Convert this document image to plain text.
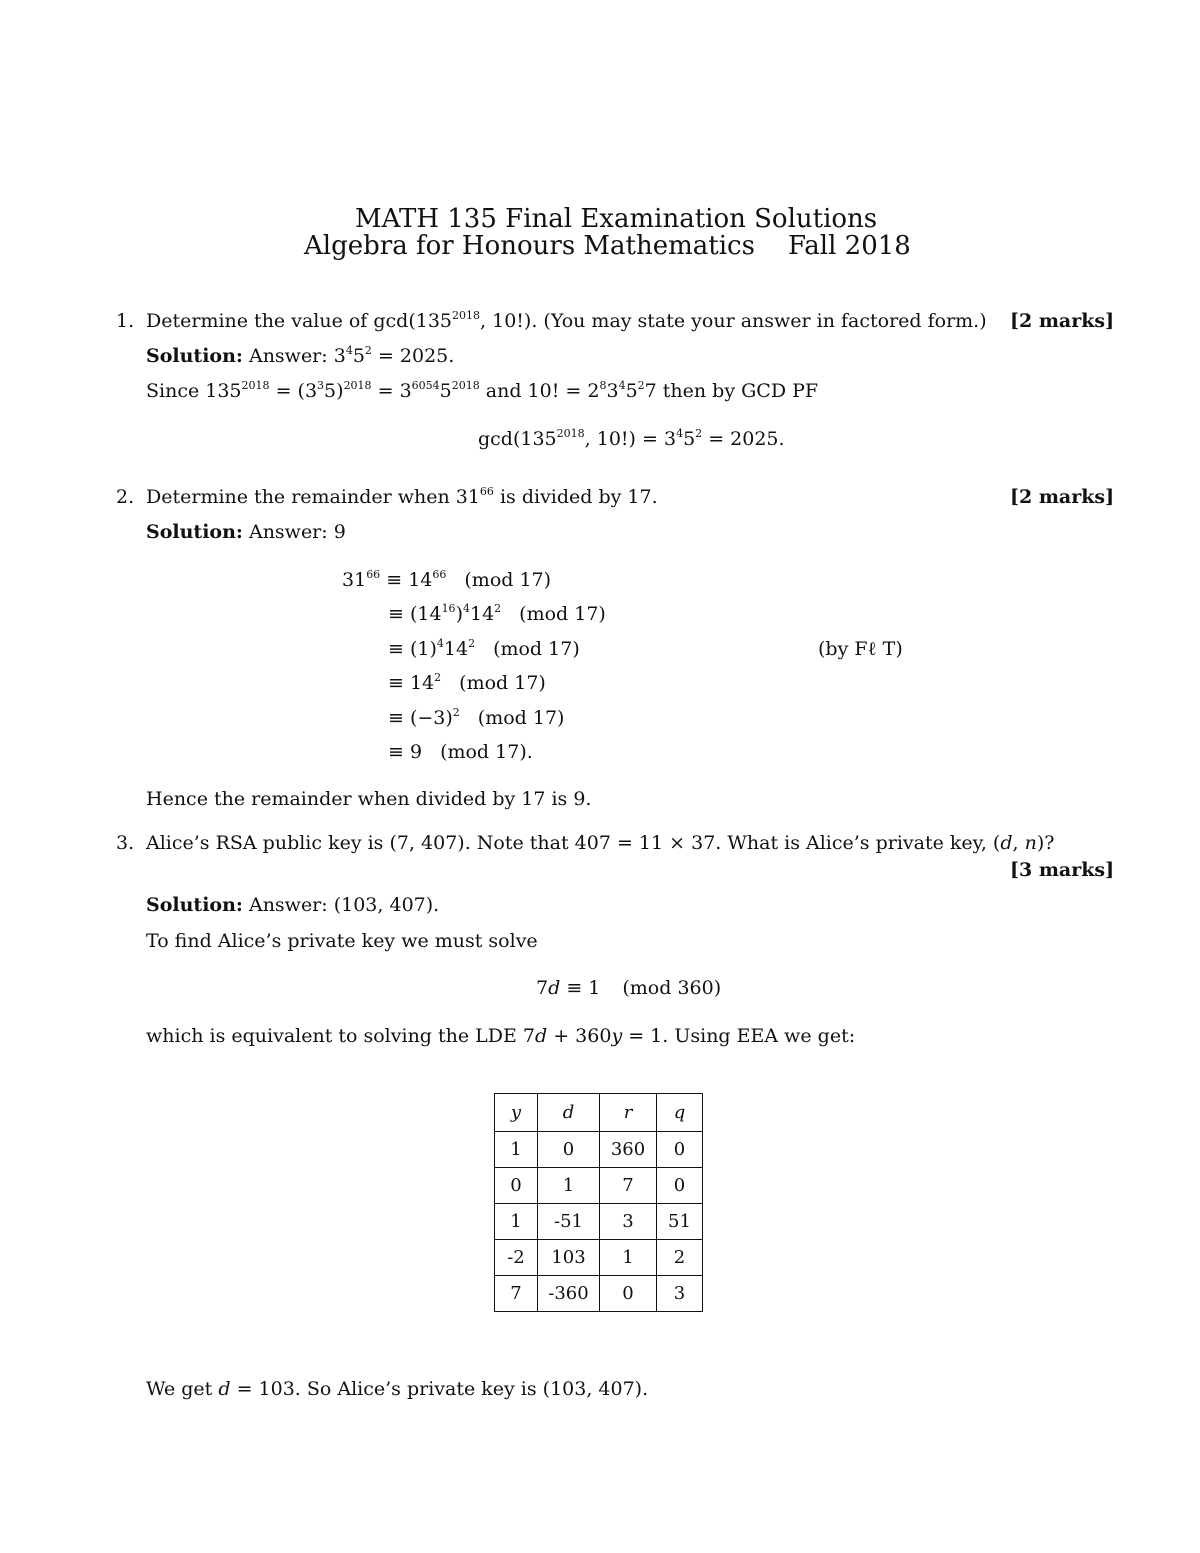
MATH 135 Final Examination Solutions
Algebra for Honours Mathematics Fall 2018
1. Determine the value of $\gcd(135^{2018}$, 10!). (You may state your answer in factored form.) [2 marks]
Solution: Answer: $3^45^2 = 2025$.
Since $135^{2018} = (3^35)^{2018} = 3^{6054}5^{2018}$ and 10! = $2^83^45^27$ then by GCD PF
$\gcd(135^{2018}$, $10!) = 3^45^2 = 2025$.
2. Determine the remainder when $31^{66}$ is divided by 17.	[2 marks]
Solution: Answer: 9
$31^{66} \equiv 14^{66}$ (mod 17)
≡ $(14^{16})^414^2$ (mod 17)
≡ $(1)^414^2$ (mod 17)	(by Fℓ T)
≡ $14^2$ (mod 17)
≡ $(-3)^2$ (mod 17)
≡ 9 (mod 17).
Hence the remainder when divided by 17 is 9.
3. Alice’s RSA public key is (7, 407). Note that 407 = 11 × 37. What is Alice’s private key, (d, n)?
[3 marks]
Solution: Answer: (103, 407).
To find Alice’s private key we must solve
7d ≡ 1 (mod 360)
which is equivalent to solving the LDE 7d + 360y = 1. Using EEA we get:
y	d	r	q
1	0	360	0
0	1	7	0
1	-51	3	51
-2	103	1	2
7	-360	0	3
We get d = 103. So Alice’s private key is (103, 407).
